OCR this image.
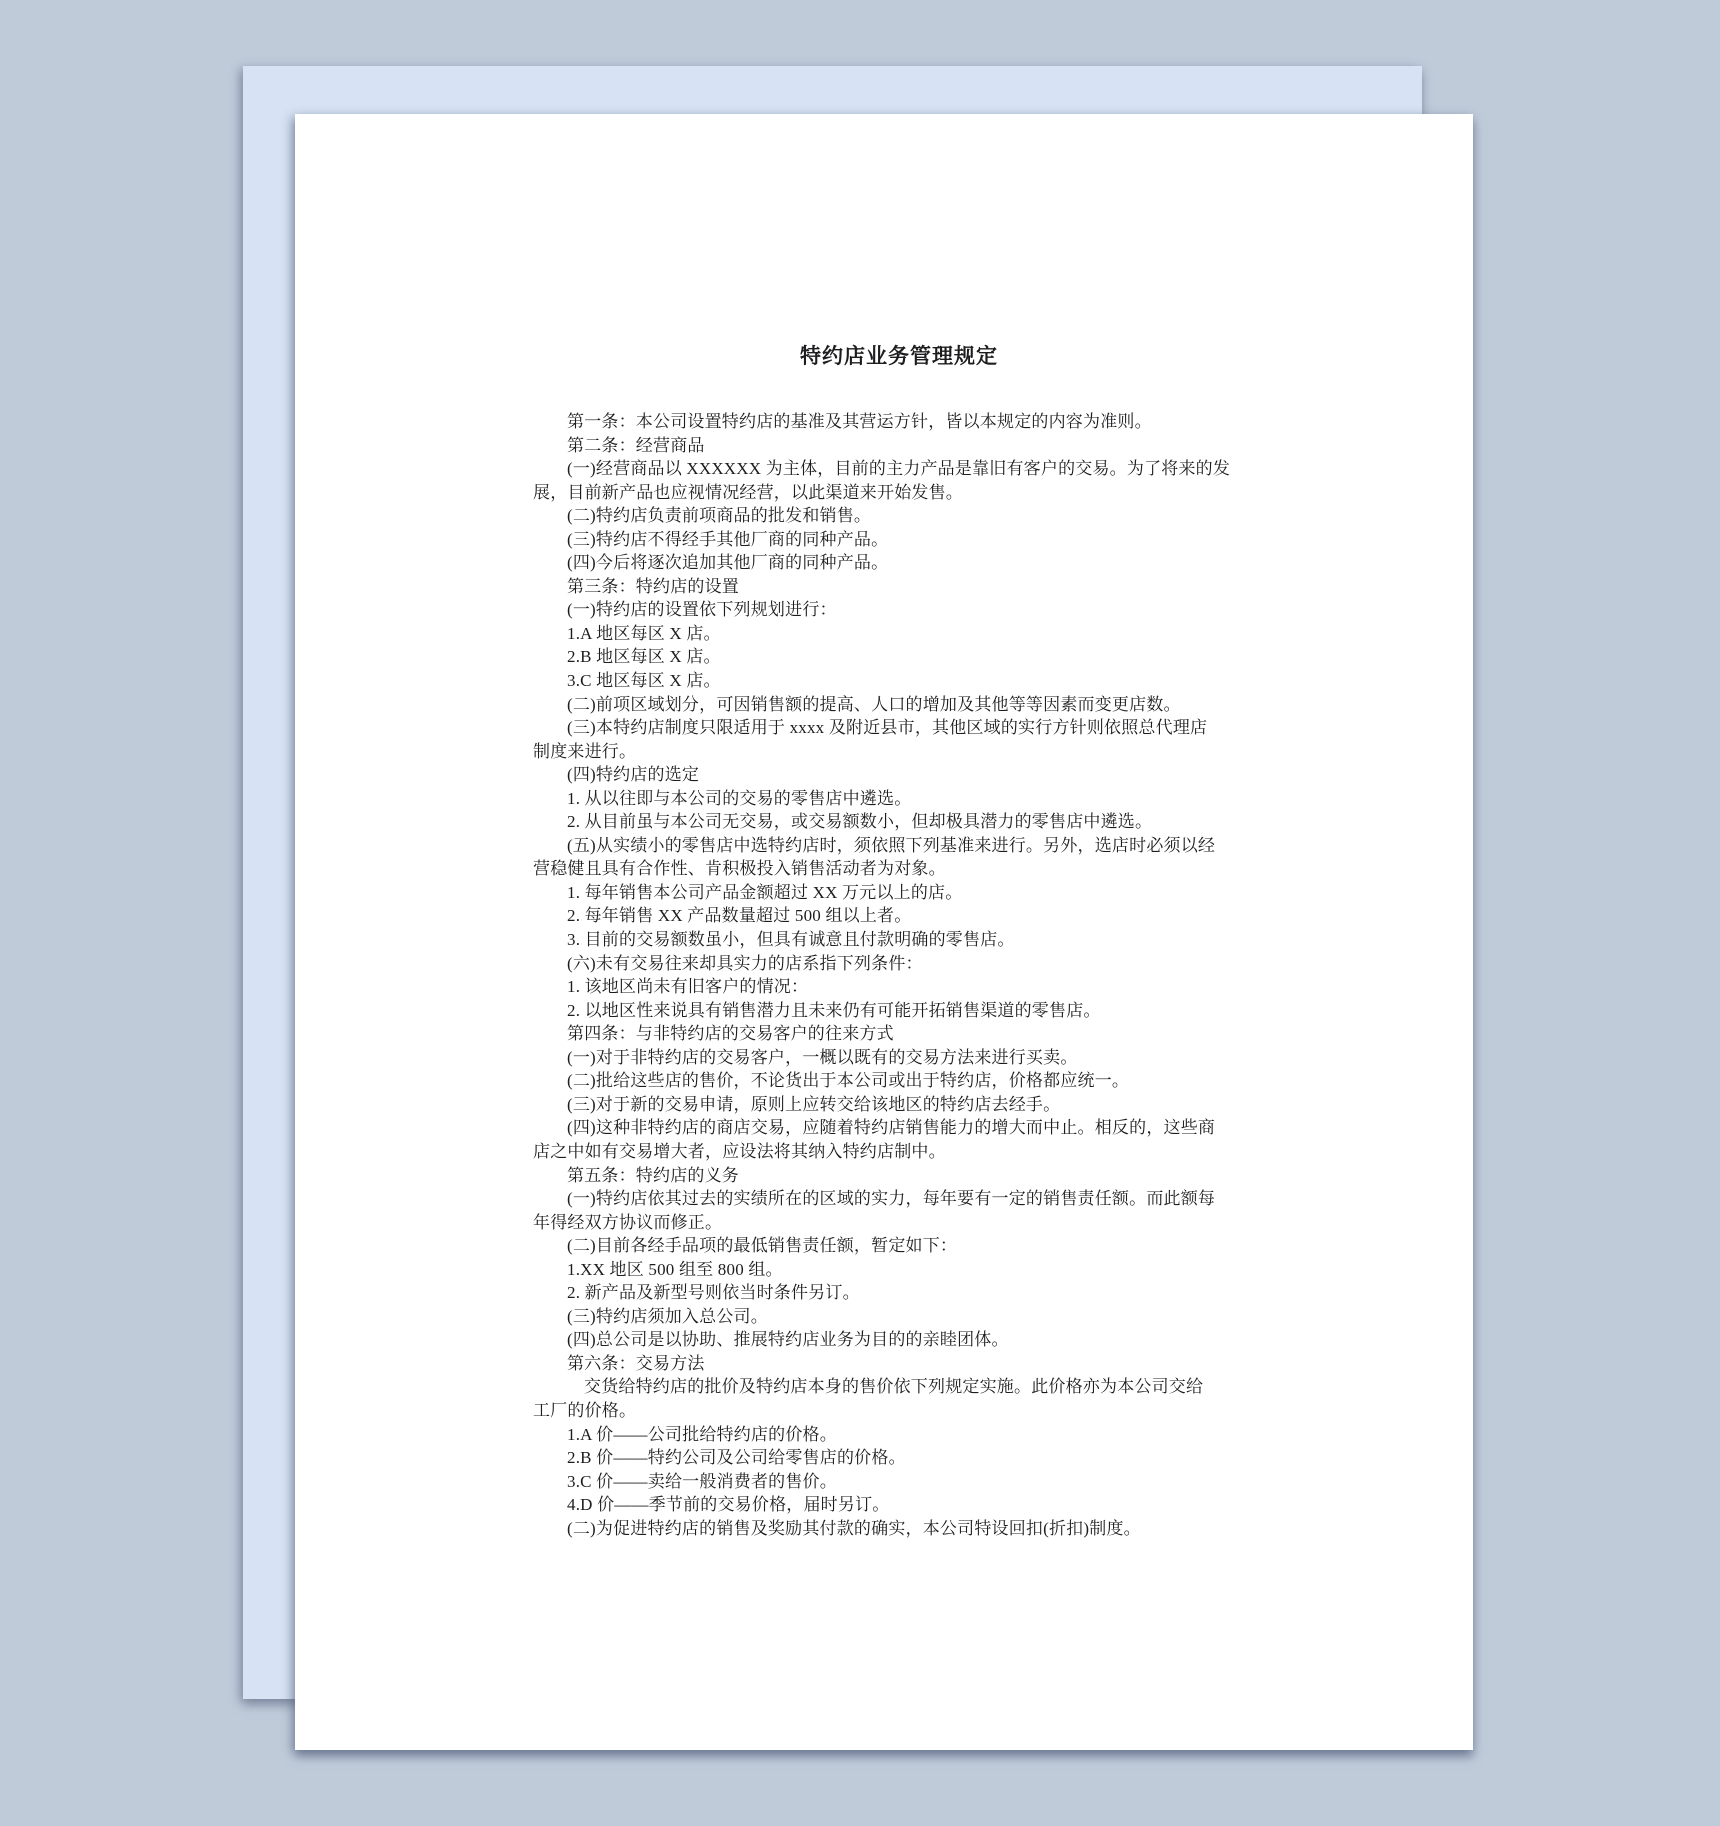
特约店业务管理规定
第一条：本公司设置特约店的基准及其营运方针，皆以本规定的内容为准则。
第二条：经营商品
(一)经营商品以 XXXXXX 为主体，目前的主力产品是靠旧有客户的交易。为了将来的发
展，目前新产品也应视情况经营，以此渠道来开始发售。
(二)特约店负责前项商品的批发和销售。
(三)特约店不得经手其他厂商的同种产品。
(四)今后将逐次追加其他厂商的同种产品。
第三条：特约店的设置
(一)特约店的设置依下列规划进行：
1.A 地区每区 X 店。
2.B 地区每区 X 店。
3.C 地区每区 X 店。
(二)前项区域划分，可因销售额的提高、人口的增加及其他等等因素而变更店数。
(三)本特约店制度只限适用于 xxxx 及附近县市，其他区域的实行方针则依照总代理店
制度来进行。
(四)特约店的选定
1. 从以往即与本公司的交易的零售店中遴选。
2. 从目前虽与本公司无交易，或交易额数小，但却极具潜力的零售店中遴选。
(五)从实绩小的零售店中选特约店时，须依照下列基准来进行。另外，选店时必须以经
营稳健且具有合作性、肯积极投入销售活动者为对象。
1. 每年销售本公司产品金额超过 XX 万元以上的店。
2. 每年销售 XX 产品数量超过 500 组以上者。
3. 目前的交易额数虽小，但具有诚意且付款明确的零售店。
(六)未有交易往来却具实力的店系指下列条件：
1. 该地区尚未有旧客户的情况：
2. 以地区性来说具有销售潜力且未来仍有可能开拓销售渠道的零售店。
第四条：与非特约店的交易客户的往来方式
(一)对于非特约店的交易客户，一概以既有的交易方法来进行买卖。
(二)批给这些店的售价，不论货出于本公司或出于特约店，价格都应统一。
(三)对于新的交易申请，原则上应转交给该地区的特约店去经手。
(四)这种非特约店的商店交易，应随着特约店销售能力的增大而中止。相反的，这些商
店之中如有交易增大者，应设法将其纳入特约店制中。
第五条：特约店的义务
(一)特约店依其过去的实绩所在的区域的实力，每年要有一定的销售责任额。而此额每
年得经双方协议而修正。
(二)目前各经手品项的最低销售责任额，暂定如下：
1.XX 地区 500 组至 800 组。
2. 新产品及新型号则依当时条件另订。
(三)特约店须加入总公司。
(四)总公司是以协助、推展特约店业务为目的的亲睦团体。
第六条：交易方法
交货给特约店的批价及特约店本身的售价依下列规定实施。此价格亦为本公司交给
工厂的价格。
1.A 价——公司批给特约店的价格。
2.B 价——特约公司及公司给零售店的价格。
3.C 价——卖给一般消费者的售价。
4.D 价——季节前的交易价格，届时另订。
(二)为促进特约店的销售及奖励其付款的确实，本公司特设回扣(折扣)制度。
